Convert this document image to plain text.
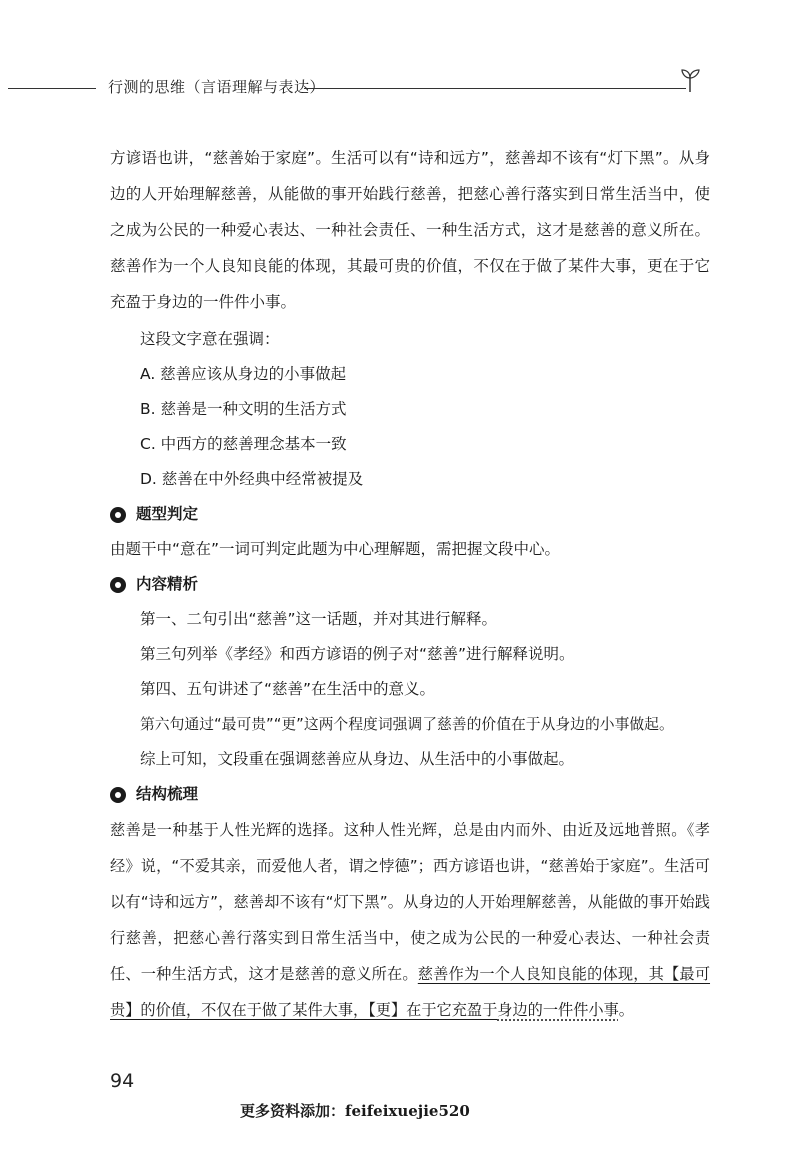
行测的思维（言语理解与表达）

方谚语也讲，“慈善始于家庭”。生活可以有“诗和远方”，慈善却不该有“灯下黑”。从身边的人开始理解慈善，从能做的事开始践行慈善，把慈心善行落实到日常生活当中，使之成为公民的一种爱心表达、一种社会责任、一种生活方式，这才是慈善的意义所在。慈善作为一个人良知良能的体现，其最可贵的价值，不仅在于做了某件大事，更在于它充盈于身边的一件件小事。

这段文字意在强调：

A. 慈善应该从身边的小事做起

B. 慈善是一种文明的生活方式

C. 中西方的慈善理念基本一致

D. 慈善在中外经典中经常被提及

题型判定

由题干中“意在”一词可判定此题为中心理解题，需把握文段中心。

内容精析

第一、二句引出“慈善”这一话题，并对其进行解释。

第三句列举《孝经》和西方谚语的例子对“慈善”进行解释说明。

第四、五句讲述了“慈善”在生活中的意义。

第六句通过“最可贵”“更”这两个程度词强调了慈善的价值在于从身边的小事做起。

综上可知，文段重在强调慈善应从身边、从生活中的小事做起。

结构梳理

慈善是一种基于人性光辉的选择。这种人性光辉，总是由内而外、由近及远地普照。《孝经》说，“不爱其亲，而爱他人者，谓之悖德”；西方谚语也讲，“慈善始于家庭”。生活可以有“诗和远方”，慈善却不该有“灯下黑”。从身边的人开始理解慈善，从能做的事开始践行慈善，把慈心善行落实到日常生活当中，使之成为公民的一种爱心表达、一种社会责任、一种生活方式，这才是慈善的意义所在。慈善作为一个人良知良能的体现，其【最可贵】的价值，不仅在于做了某件大事，【更】在于它充盈于身边的一件件小事。

94
更多资料添加：feifeixuejie520
